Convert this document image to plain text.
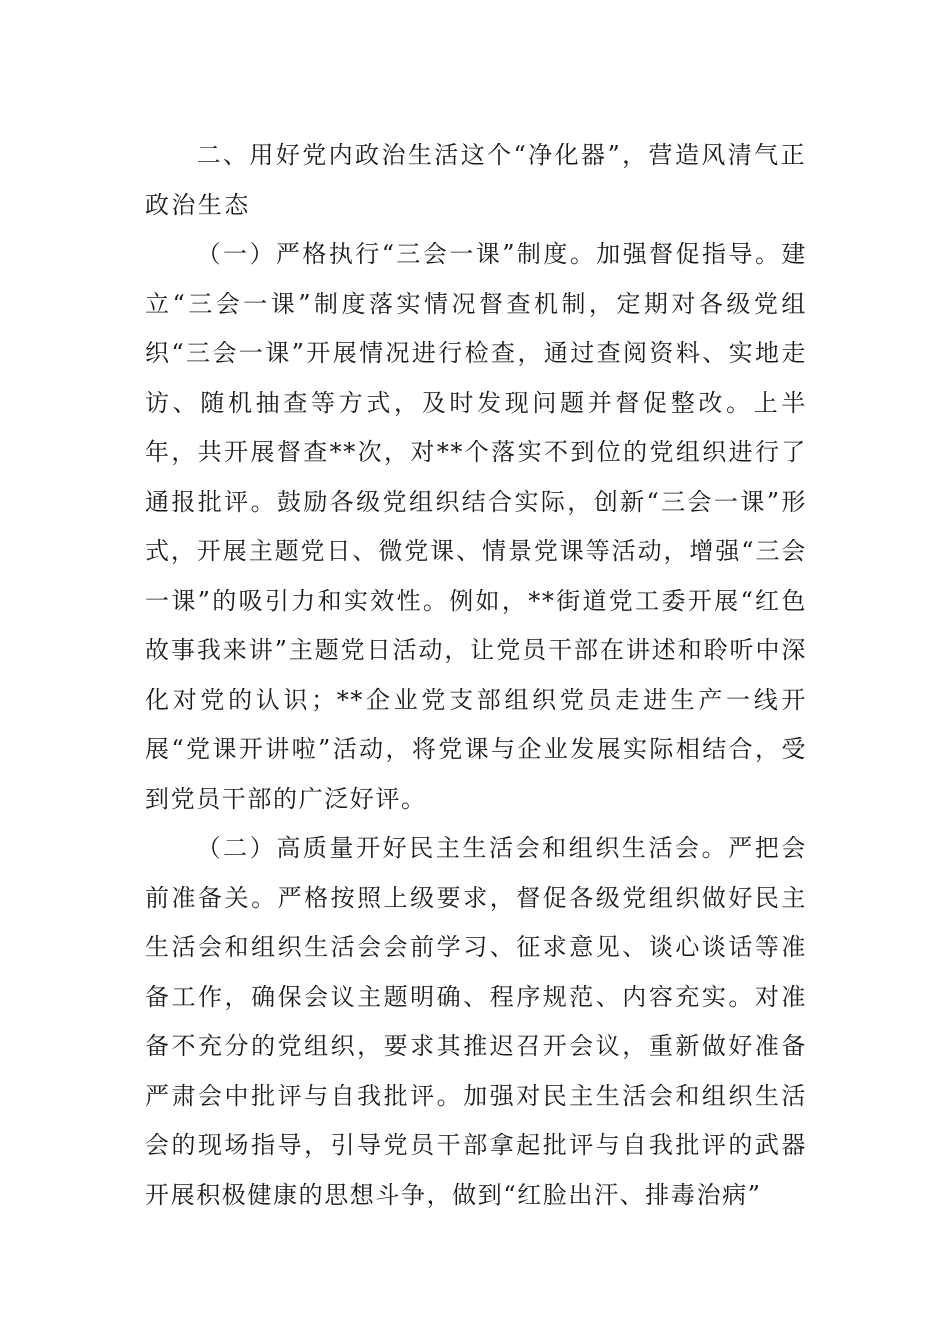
二、用好党内政治生活这个“净化器”，营造风清气正政治生态

（一）严格执行“三会一课”制度。加强督促指导。建立“三会一课”制度落实情况督查机制，定期对各级党组织“三会一课”开展情况进行检查，通过查阅资料、实地走访、随机抽查等方式，及时发现问题并督促整改。上半年，共开展督查**次，对**个落实不到位的党组织进行了通报批评。鼓励各级党组织结合实际，创新“三会一课”形式，开展主题党日、微党课、情景党课等活动，增强“三会一课”的吸引力和实效性。例如，**街道党工委开展“红色故事我来讲”主题党日活动，让党员干部在讲述和聆听中深化对党的认识；**企业党支部组织党员走进生产一线开展“党课开讲啦”活动，将党课与企业发展实际相结合，受到党员干部的广泛好评。

（二）高质量开好民主生活会和组织生活会。严把会前准备关。严格按照上级要求，督促各级党组织做好民主生活会和组织生活会会前学习、征求意见、谈心谈话等准备工作，确保会议主题明确、程序规范、内容充实。对准备不充分的党组织，要求其推迟召开会议，重新做好准备严肃会中批评与自我批评。加强对民主生活会和组织生活会的现场指导，引导党员干部拿起批评与自我批评的武器开展积极健康的思想斗争，做到“红脸出汗、排毒治病”
